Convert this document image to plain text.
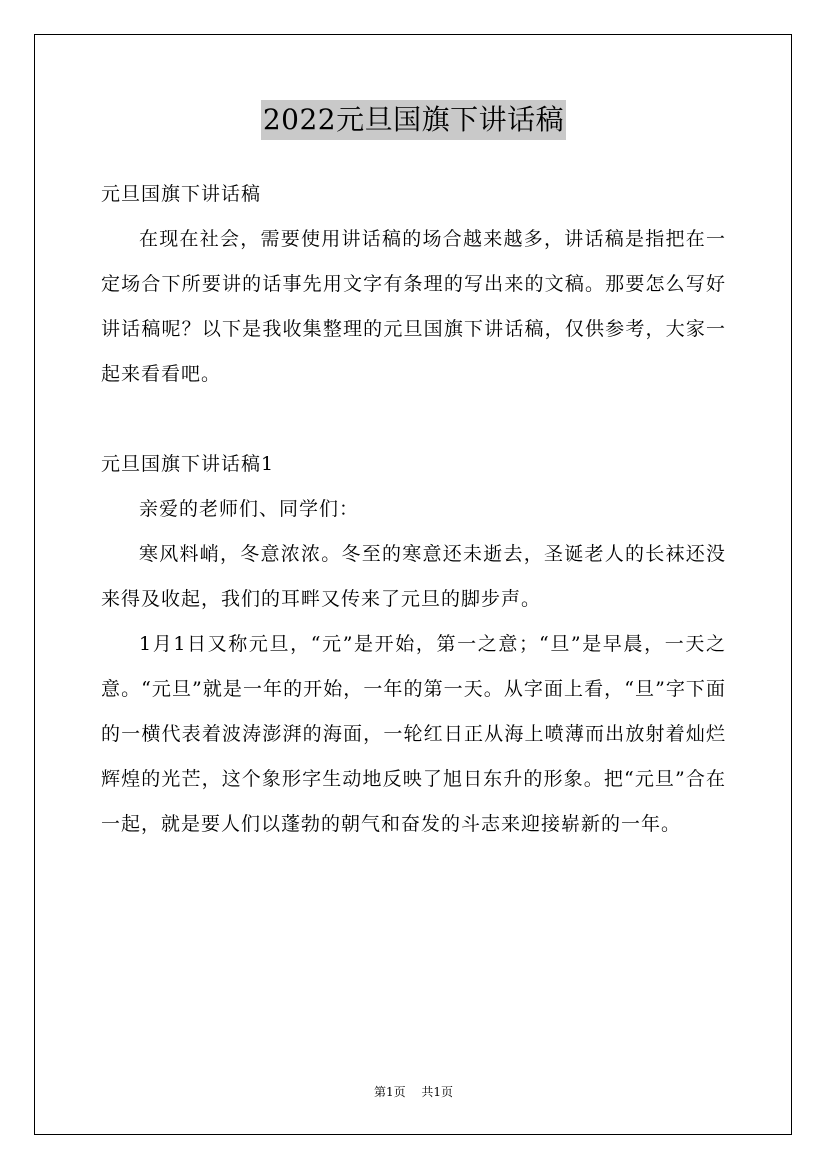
2022元旦国旗下讲话稿

元旦国旗下讲话稿

在现在社会，需要使用讲话稿的场合越来越多，讲话稿是指把在一定场合下所要讲的话事先用文字有条理的写出来的文稿。那要怎么写好讲话稿呢？以下是我收集整理的元旦国旗下讲话稿，仅供参考，大家一起来看看吧。

元旦国旗下讲话稿1

亲爱的老师们、同学们：

寒风料峭，冬意浓浓。冬至的寒意还未逝去，圣诞老人的长袜还没来得及收起，我们的耳畔又传来了元旦的脚步声。

1月1日又称元旦，“元”是开始，第一之意；“旦”是早晨，一天之意。“元旦”就是一年的开始，一年的第一天。从字面上看，“旦”字下面的一横代表着波涛澎湃的海面，一轮红日正从海上喷薄而出放射着灿烂辉煌的光芒，这个象形字生动地反映了旭日东升的形象。把“元旦”合在一起，就是要人们以蓬勃的朝气和奋发的斗志来迎接崭新的一年。

第1页 共1页
